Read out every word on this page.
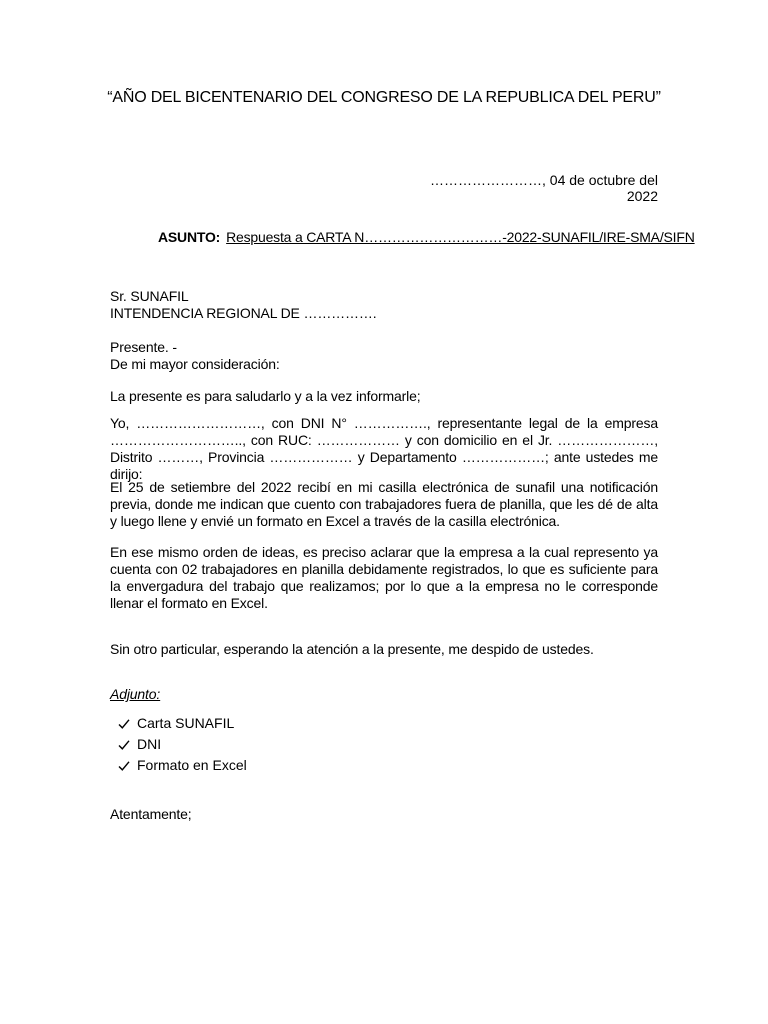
“AÑO DEL BICENTENARIO DEL CONGRESO DE LA REPUBLICA DEL PERU”
……………………, 04 de octubre del 2022
ASUNTO: Respuesta a CARTA N…………………………-2022-SUNAFIL/IRE-SMA/SIFN
Sr. SUNAFIL
INTENDENCIA REGIONAL DE …………….
Presente. -
De mi mayor consideración:
La presente es para saludarlo y a la vez informarle;
Yo, ………………………, con DNI N° ……………., representante legal de la empresa ……………………….., con RUC: ……………… y con domicilio en el Jr. …………………, Distrito ………, Provincia ……………… y Departamento ………………; ante ustedes me dirijo:
El 25 de setiembre del 2022 recibí en mi casilla electrónica de sunafil una notificación previa, donde me indican que cuento con trabajadores fuera de planilla, que les dé de alta y luego llene y envié un formato en Excel a través de la casilla electrónica.
En ese mismo orden de ideas, es preciso aclarar que la empresa a la cual represento ya cuenta con 02 trabajadores en planilla debidamente registrados, lo que es suficiente para la envergadura del trabajo que realizamos; por lo que a la empresa no le corresponde llenar el formato en Excel.
Sin otro particular, esperando la atención a la presente, me despido de ustedes.
Adjunto:
Carta SUNAFIL
DNI
Formato en Excel
Atentamente;
